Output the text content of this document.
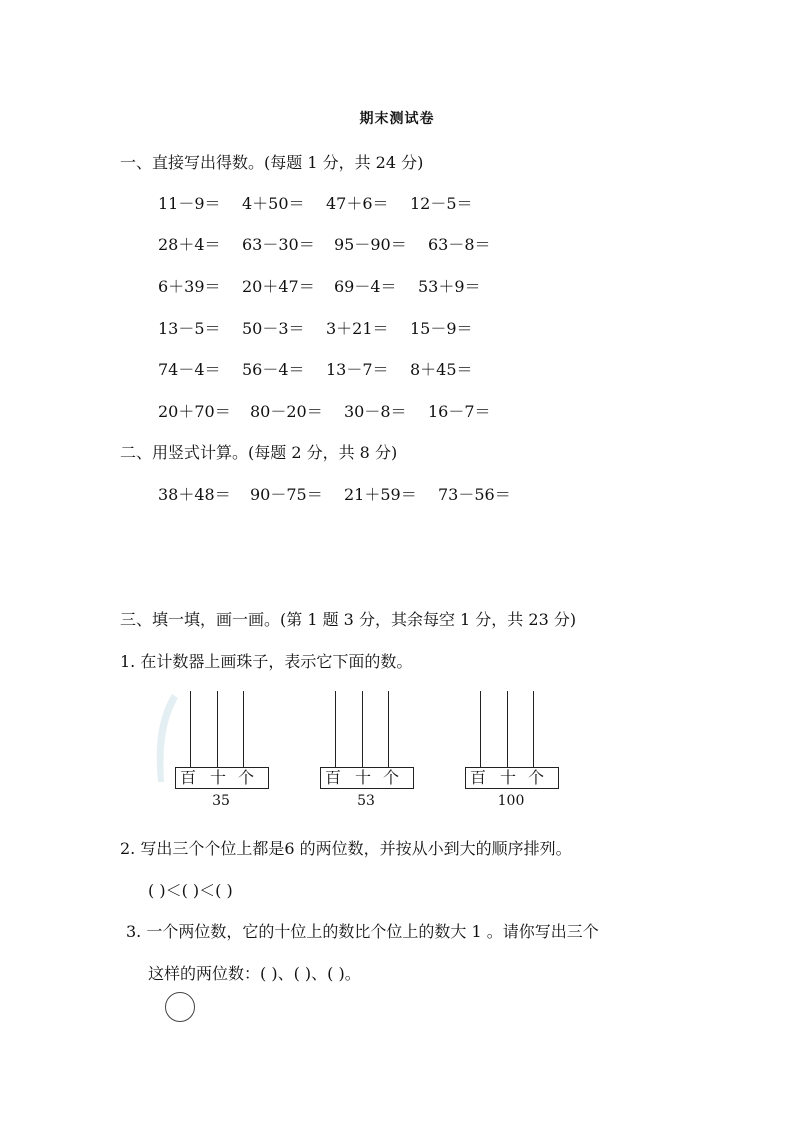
期末测试卷
一、直接写出得数。(每题 1 分，共 24 分)
11－9＝ 4＋50＝ 47＋6＝ 12－5＝
28＋4＝ 63－30＝ 95－90＝ 63－8＝
6＋39＝ 20＋47＝ 69－4＝ 53＋9＝
13－5＝ 50－3＝ 3＋21＝ 15－9＝
74－4＝ 56－4＝ 13－7＝ 8＋45＝
20＋70＝ 80－20＝ 30－8＝ 16－7＝
二、用竖式计算。(每题 2 分，共 8 分)
38＋48＝ 90－75＝ 21＋59＝ 73－56＝
三、填一填，画一画。(第 1 题 3 分，其余每空 1 分，共 23 分)
1. 在计数器上画珠子，表示它下面的数。
百 十 个
35
百 十 个
53
百 十 个
100
2. 写出三个个位上都是6 的两位数，并按从小到大的顺序排列。
( )＜( )＜( )
3. 一个两位数，它的十位上的数比个位上的数大 1 。请你写出三个
这样的两位数：( )、( )、( )。
